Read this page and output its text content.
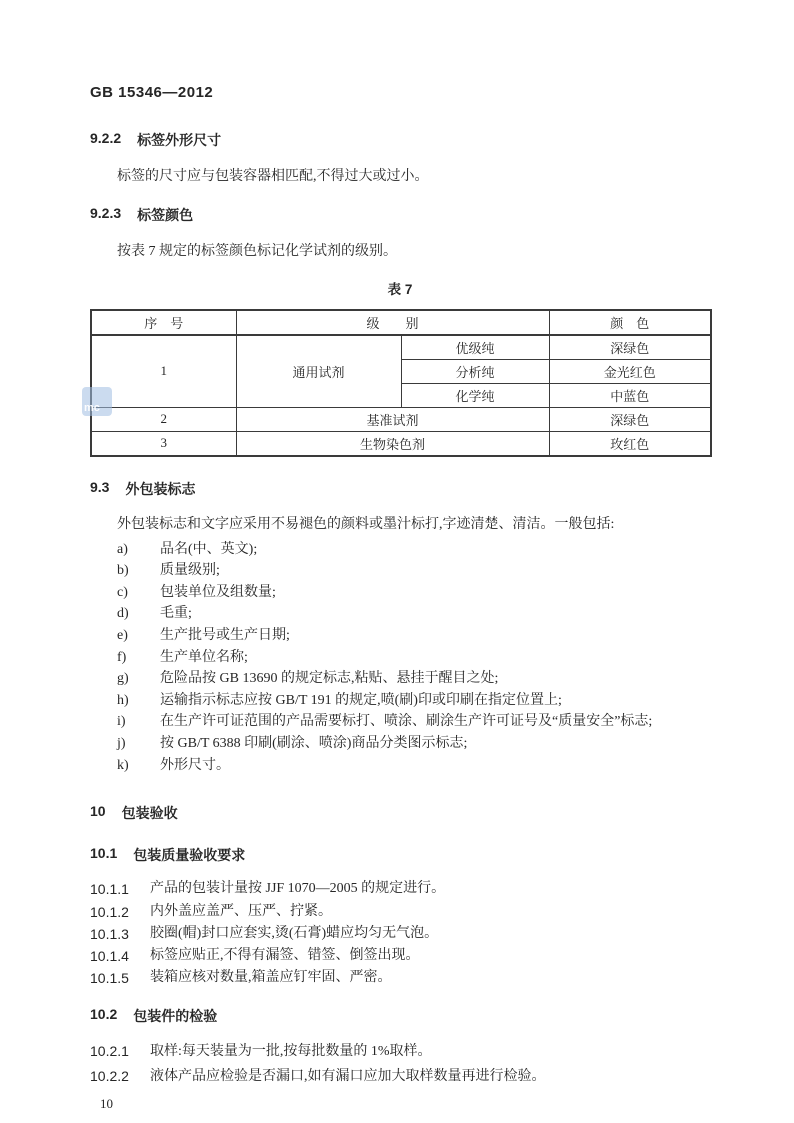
GB 15346—2012
9.2.2 标签外形尺寸
标签的尺寸应与包装容器相匹配,不得过大或过小。
9.2.3 标签颜色
按表 7 规定的标签颜色标记化学试剂的级别。
表 7
序　号	级　　别		颜　色
1	通用试剂	优级纯	深绿色
		分析纯	金光红色
		化学纯	中蓝色
2	基准试剂		深绿色
3	生物染色剂		玫红色
mc
9.3 外包装标志
外包装标志和文字应采用不易褪色的颜料或墨汁标打,字迹清楚、清洁。一般包括:
a)	品名(中、英文);
b)	质量级别;
c)	包装单位及组数量;
d)	毛重;
e)	生产批号或生产日期;
f)	生产单位名称;
g)	危险品按 GB 13690 的规定标志,粘贴、悬挂于醒目之处;
h)	运输指示标志应按 GB/T 191 的规定,喷(刷)印或印刷在指定位置上;
i)	在生产许可证范围的产品需要标打、喷涂、刷涂生产许可证号及“质量安全”标志;
j)	按 GB/T 6388 印刷(刷涂、喷涂)商品分类图示标志;
k)	外形尺寸。
10 包装验收
10.1 包装质量验收要求
10.1.1	产品的包装计量按 JJF 1070—2005 的规定进行。
10.1.2	内外盖应盖严、压严、拧紧。
10.1.3	胶圈(帽)封口应套实,烫(石膏)蜡应均匀无气泡。
10.1.4	标签应贴正,不得有漏签、错签、倒签出现。
10.1.5	装箱应核对数量,箱盖应钉牢固、严密。
10.2 包装件的检验
10.2.1	取样:每天装量为一批,按每批数量的 1%取样。
10.2.2	液体产品应检验是否漏口,如有漏口应加大取样数量再进行检验。
10
